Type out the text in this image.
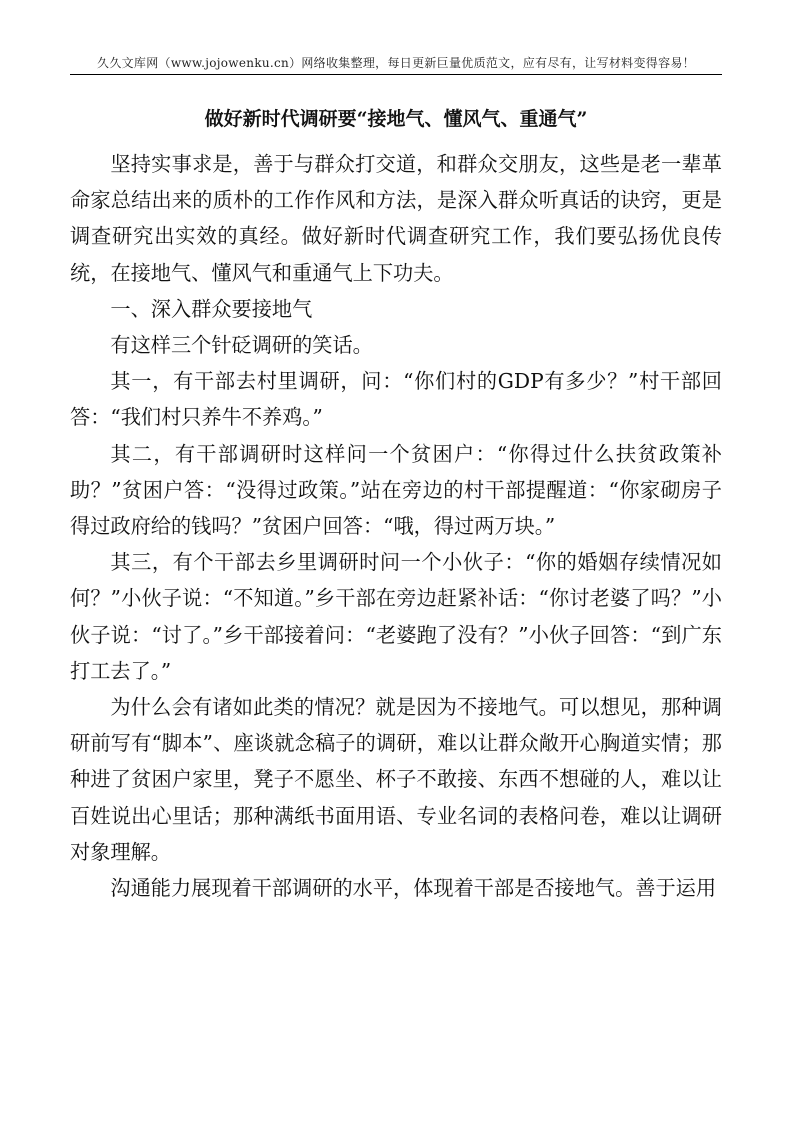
久久文库网（www.jojowenku.cn）网络收集整理，每日更新巨量优质范文，应有尽有，让写材料变得容易！
做好新时代调研要“接地气、懂风气、重通气”

坚持实事求是，善于与群众打交道，和群众交朋友，这些是老一辈革命家总结出来的质朴的工作作风和方法，是深入群众听真话的诀窍，更是调查研究出实效的真经。做好新时代调查研究工作，我们要弘扬优良传统，在接地气、懂风气和重通气上下功夫。

一、深入群众要接地气

有这样三个针砭调研的笑话。

其一，有干部去村里调研，问：“你们村的GDP有多少？”村干部回答：“我们村只养牛不养鸡。”

其二，有干部调研时这样问一个贫困户：“你得过什么扶贫政策补助？”贫困户答：“没得过政策。”站在旁边的村干部提醒道：“你家砌房子得过政府给的钱吗？”贫困户回答：“哦，得过两万块。”

其三，有个干部去乡里调研时问一个小伙子：“你的婚姻存续情况如何？”小伙子说：“不知道。”乡干部在旁边赶紧补话：“你讨老婆了吗？”小伙子说：“讨了。”乡干部接着问：“老婆跑了没有？”小伙子回答：“到广东打工去了。”

为什么会有诸如此类的情况？就是因为不接地气。可以想见，那种调研前写有“脚本”、座谈就念稿子的调研，难以让群众敞开心胸道实情；那种进了贫困户家里，凳子不愿坐、杯子不敢接、东西不想碰的人，难以让百姓说出心里话；那种满纸书面用语、专业名词的表格问卷，难以让调研对象理解。

沟通能力展现着干部调研的水平，体现着干部是否接地气。善于运用
